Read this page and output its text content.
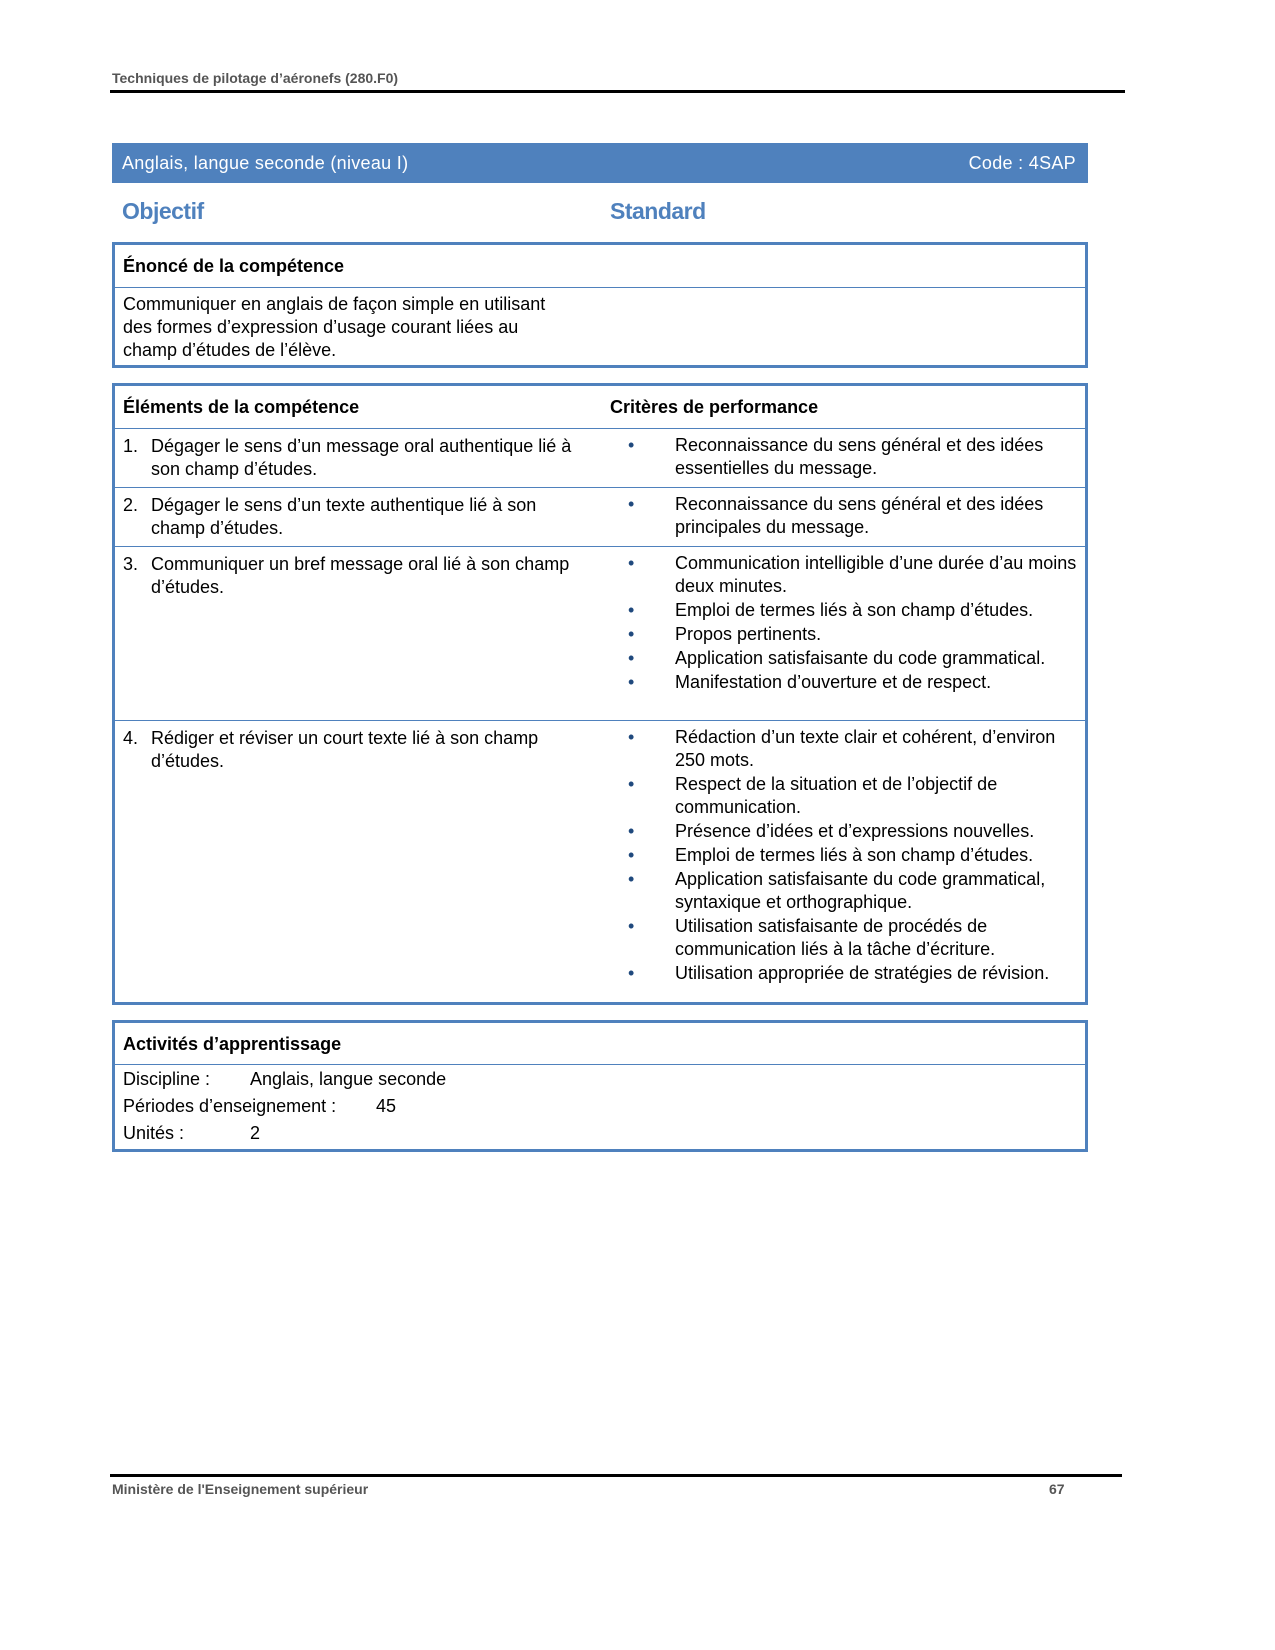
Techniques de pilotage d’aéronefs (280.F0)
Anglais, langue seconde (niveau I)	Code : 4SAP
Objectif	Standard
Énoncé de la compétence
Communiquer en anglais de façon simple en utilisant
des formes d’expression d’usage courant liées au
champ d’études de l’élève.
Éléments de la compétence	Critères de performance
1. Dégager le sens d’un message oral authentique lié à son champ d’études.
•	Reconnaissance du sens général et des idées essentielles du message.
2. Dégager le sens d’un texte authentique lié à son champ d’études.
•	Reconnaissance du sens général et des idées principales du message.
3. Communiquer un bref message oral lié à son champ d’études.
•	Communication intelligible d’une durée d’au moins deux minutes.
•	Emploi de termes liés à son champ d’études.
•	Propos pertinents.
•	Application satisfaisante du code grammatical.
•	Manifestation d’ouverture et de respect.
4. Rédiger et réviser un court texte lié à son champ d’études.
•	Rédaction d’un texte clair et cohérent, d’environ 250 mots.
•	Respect de la situation et de l’objectif de communication.
•	Présence d’idées et d’expressions nouvelles.
•	Emploi de termes liés à son champ d’études.
•	Application satisfaisante du code grammatical, syntaxique et orthographique.
•	Utilisation satisfaisante de procédés de communication liés à la tâche d’écriture.
•	Utilisation appropriée de stratégies de révision.
Activités d’apprentissage
Discipline : Anglais, langue seconde
Périodes d’enseignement : 45
Unités :	2
Ministère de l'Enseignement supérieur	67
